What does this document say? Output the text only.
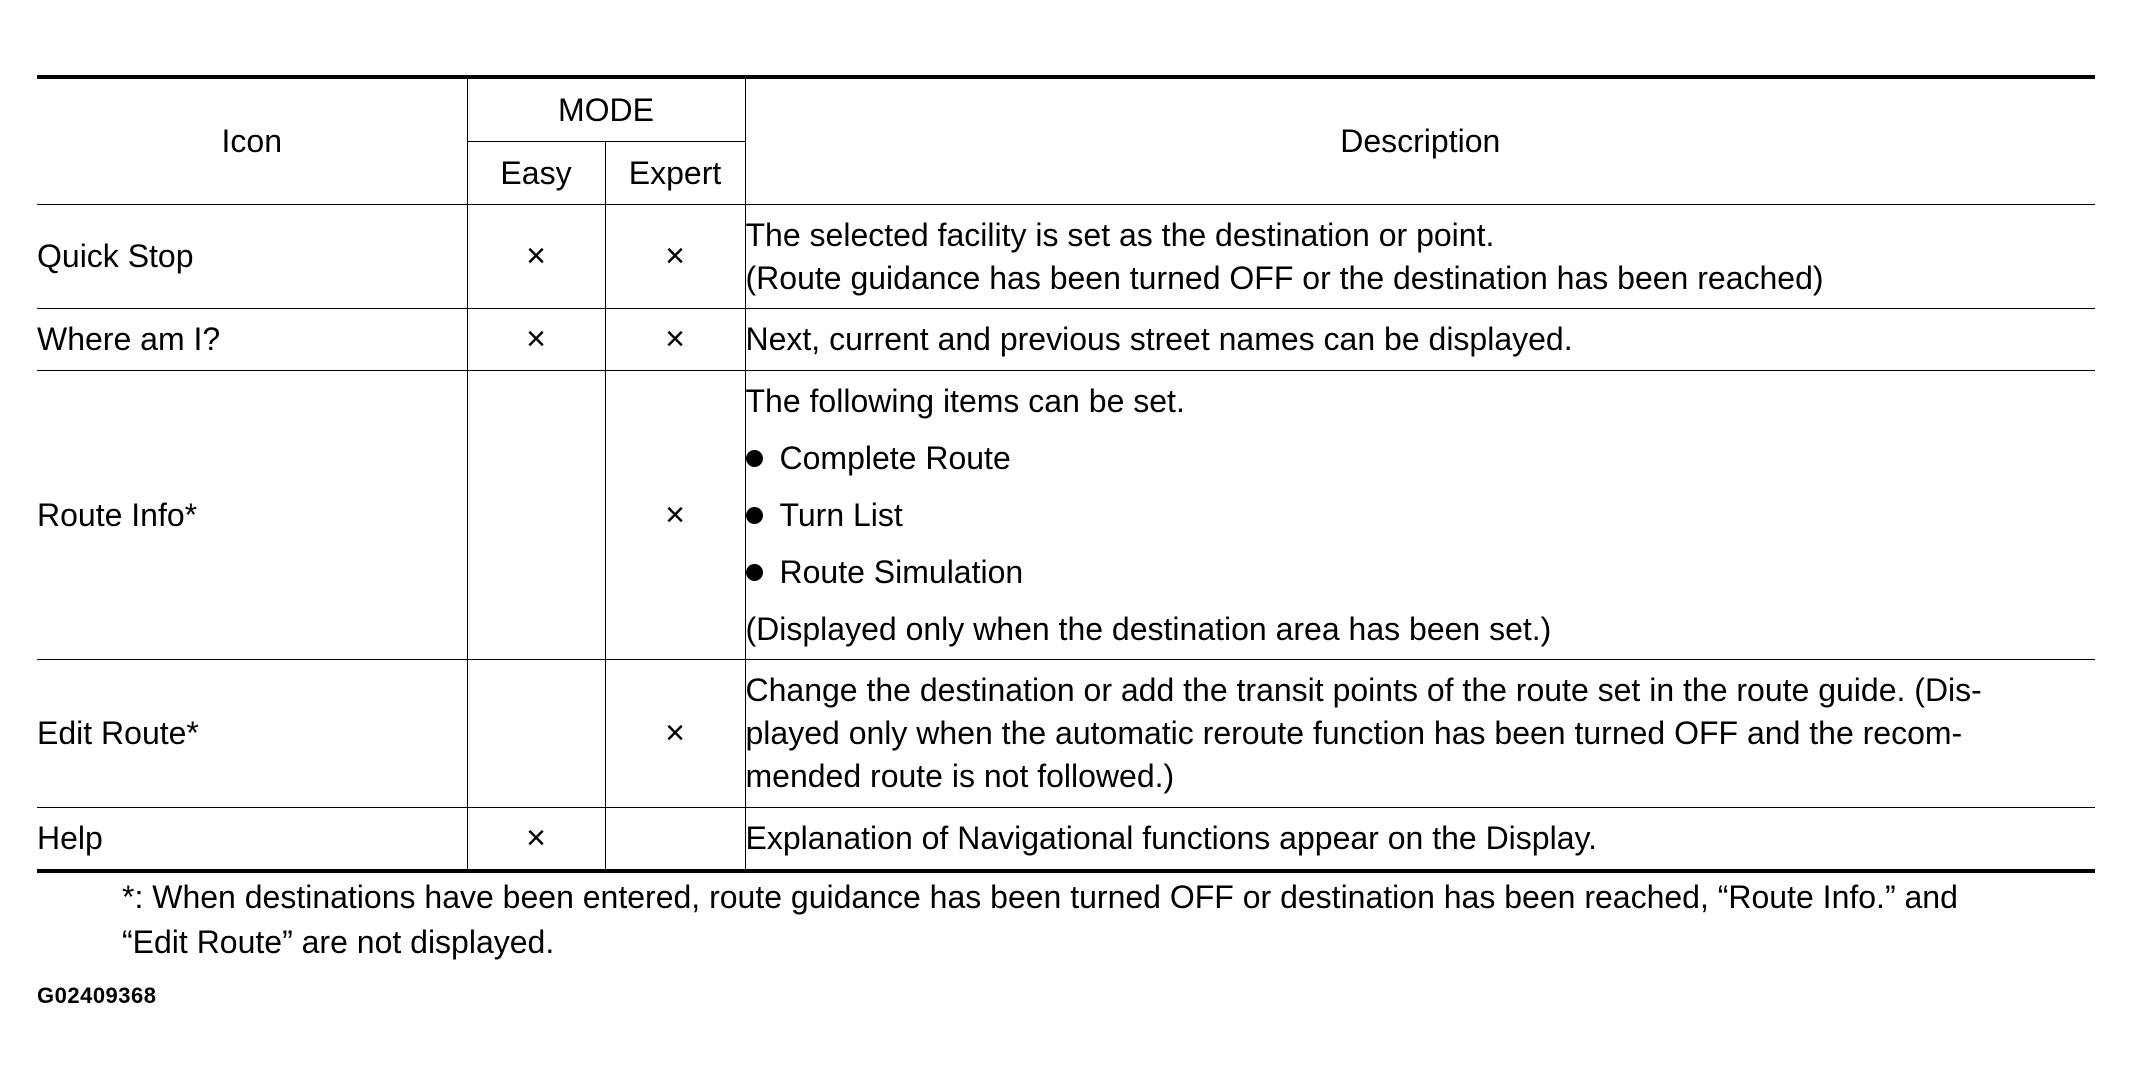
Icon	MODE		Description
	Easy	Expert	
Quick Stop	×	×	The selected facility is set as the destination or point.
(Route guidance has been turned OFF or the destination has been reached)

Where am I?	×	×	Next, current and previous street names can be displayed.

Route Info*		×	The following items can be set.
Complete Route
Turn List
Route Simulation
(Displayed only when the destination area has been set.)

Edit Route*		×	Change the destination or add the transit points of the route set in the route guide. (Dis-
played only when the automatic reroute function has been turned OFF and the recom-
mended route is not followed.)

Help	×		Explanation of Navigational functions appear on the Display.
*: When destinations have been entered, route guidance has been turned OFF or destination has been reached, “Route Info.” and
“Edit Route” are not displayed.
G02409368
